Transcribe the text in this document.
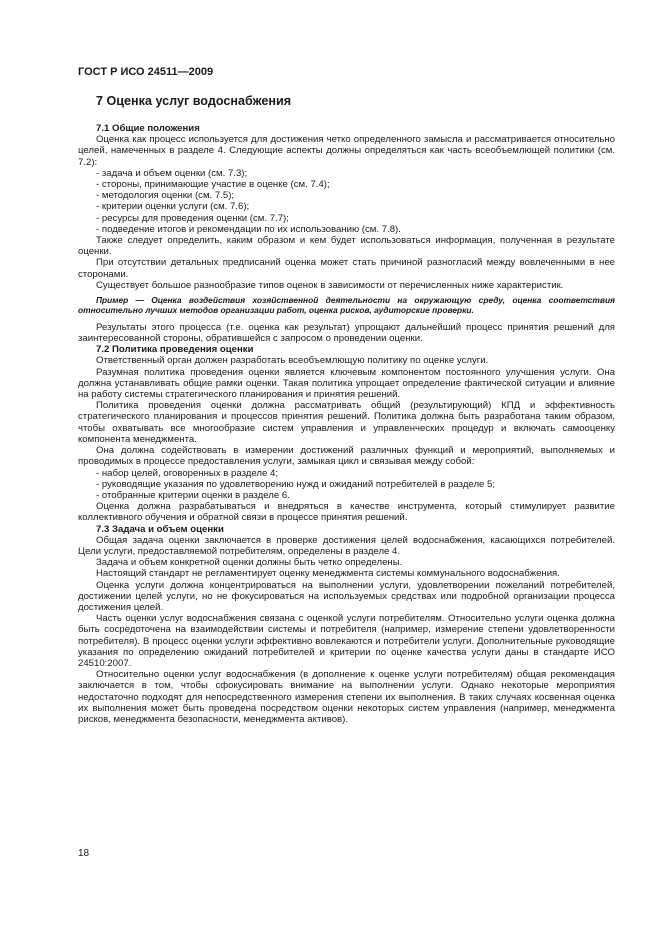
ГОСТ Р ИСО 24511—2009
7 Оценка услуг водоснабжения
7.1 Общие положения

Оценка как процесс используется для достижения четко определенного замысла и рассматривается относительно целей, намеченных в разделе 4. Следующие аспекты должны определяться как часть всеобъемлющей политики (см. 7.2):

- задача и объем оценки (см. 7.3);
- стороны, принимающие участие в оценке (см. 7.4);
- методология оценки (см. 7.5);
- критерии оценки услуги (см. 7.6);
- ресурсы для проведения оценки (см. 7.7);
- подведение итогов и рекомендации по их использованию (см. 7.8).

Также следует определить, каким образом и кем будет использоваться информация, полученная в результате оценки.

При отсутствии детальных предписаний оценка может стать причиной разногласий между вовлеченными в нее сторонами.

Существует большое разнообразие типов оценок в зависимости от перечисленных ниже характеристик.

Пример — Оценка воздействия хозяйственной деятельности на окружающую среду, оценка соответствия относительно лучших методов организации работ, оценка рисков, аудиторские проверки.

Результаты этого процесса (т.е. оценка как результат) упрощают дальнейший процесс принятия решений для заинтересованной стороны, обратившейся с запросом о проведении оценки.

7.2 Политика проведения оценки

Ответственный орган должен разработать всеобъемлющую политику по оценке услуги.

Разумная политика проведения оценки является ключевым компонентом постоянного улучшения услуги. Она должна устанавливать общие рамки оценки. Такая политика упрощает определение фактической ситуации и влияние на работу системы стратегического планирования и принятия решений.

Политика проведения оценки должна рассматривать общий (результирующий) КПД и эффективность стратегического планирования и процессов принятия решений. Политика должна быть разработана таким образом, чтобы охватывать все многообразие систем управления и управленческих процедур и включать самооценку компонента менеджмента.

Она должна содействовать в измерении достижений различных функций и мероприятий, выполняемых и проводимых в процессе предоставления услуги, замыкая цикл и связывая между собой:

- набор целей, оговоренных в разделе 4;
- руководящие указания по удовлетворению нужд и ожиданий потребителей в разделе 5;
- отобранные критерии оценки в разделе 6.

Оценка должна разрабатываться и внедряться в качестве инструмента, который стимулирует развитие коллективного обучения и обратной связи в процессе принятия решений.

7.3 Задача и объем оценки

Общая задача оценки заключается в проверке достижения целей водоснабжения, касающихся потребителей. Цели услуги, предоставляемой потребителям, определены в разделе 4.

Задача и объем конкретной оценки должны быть четко определены.

Настоящий стандарт не регламентирует оценку менеджмента системы коммунального водоснабжения.

Оценка услуги должна концентрироваться на выполнении услуги, удовлетворении пожеланий потребителей, достижении целей услуги, но не фокусироваться на используемых средствах или подробной организации процесса достижения целей.

Часть оценки услуг водоснабжения связана с оценкой услуги потребителям. Относительно услуги оценка должна быть сосредоточена на взаимодействии системы и потребителя (например, измерение степени удовлетворенности потребителя). В процесс оценки услуги эффективно вовлекаются и потребители услуги. Дополнительные руководящие указания по определению ожиданий потребителей и критерии по оценке качества услуги даны в стандарте ИСО 24510:2007.

Относительно оценки услуг водоснабжения (в дополнение к оценке услуги потребителям) общая рекомендация заключается в том, чтобы сфокусировать внимание на выполнении услуги. Однако некоторые мероприятия недостаточно подходят для непосредственного измерения степени их выполнения. В таких случаях косвенная оценка их выполнения может быть проведена посредством оценки некоторых систем управления (например, менеджмента рисков, менеджмента безопасности, менеджмента активов).

18
